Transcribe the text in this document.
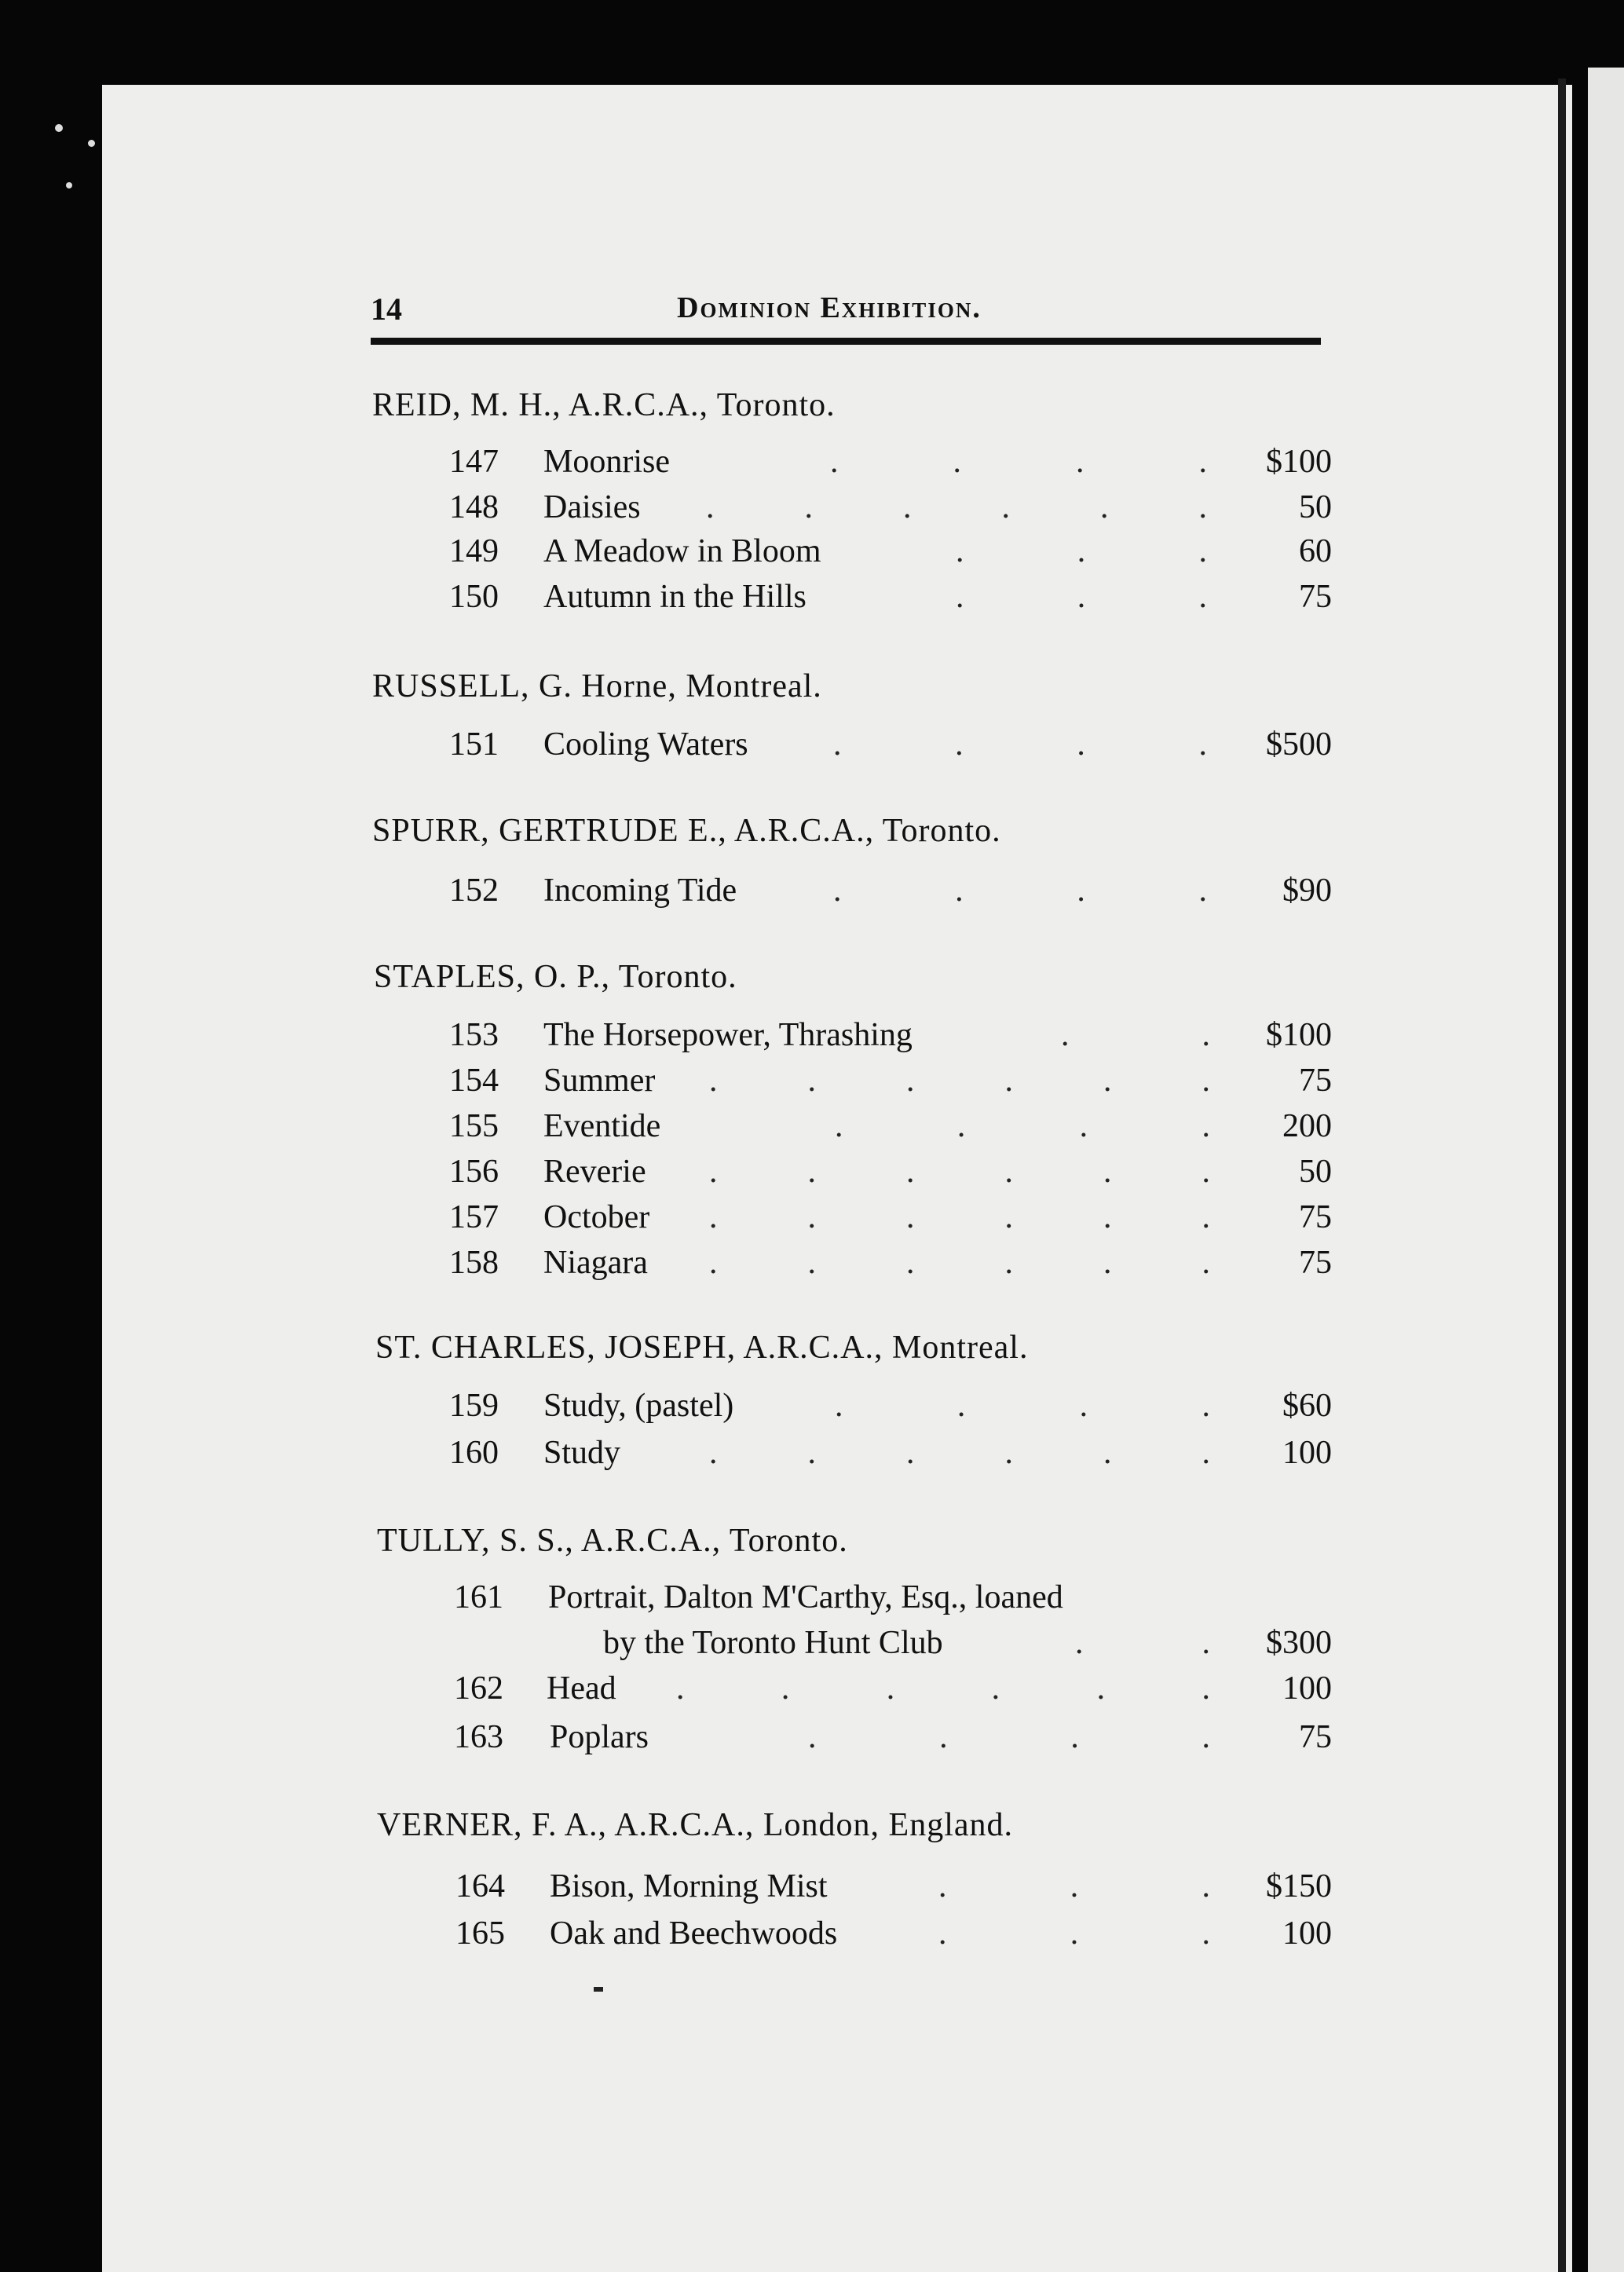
14	Dominion Exhibition.
REID, M. H., A.R.C.A., Toronto.
147	Moonrise	.	.	.	. $100
148	Daisies .	.	.	.	.	.	50
149	A Meadow in Bloom	.	.	.	60
150	Autumn in the Hills	.	.	.	75
RUSSELL, G. Horne, Montreal.
151	Cooling Waters	.	.	.	. $500
SPURR, GERTRUDE E., A.R.C.A., Toronto.
152	Incoming Tide	.	.	.	. $90
STAPLES, O. P., Toronto.
153	The Horsepower, Thrashing	.	. $100
154	Summer .	.	.	.	.	.	75
155	Eventide	.	.	.	. 200
156	Reverie .	.	.	.	.	.	50
157	October .	.	.	.	.	.	75
158	Niagara .	.	.	.	.	.	75
ST. CHARLES, JOSEPH, A.R.C.A., Montreal.
159	Study, (pastel)	.	.	.	. $60
160	Study	.	.	.	.	.	. 100
TULLY, S. S., A.R.C.A., Toronto.
161	Portrait, Dalton M'Carthy, Esq., loaned
by the Toronto Hunt Club	.	. $300
162	Head .	.	.	.	.	. 100
163	Poplars	.	.	.	.	75
VERNER, F. A., A.R.C.A., London, England.
164	Bison, Morning Mist	.	.	. $150
165	Oak and Beechwoods	.	.	. 100
